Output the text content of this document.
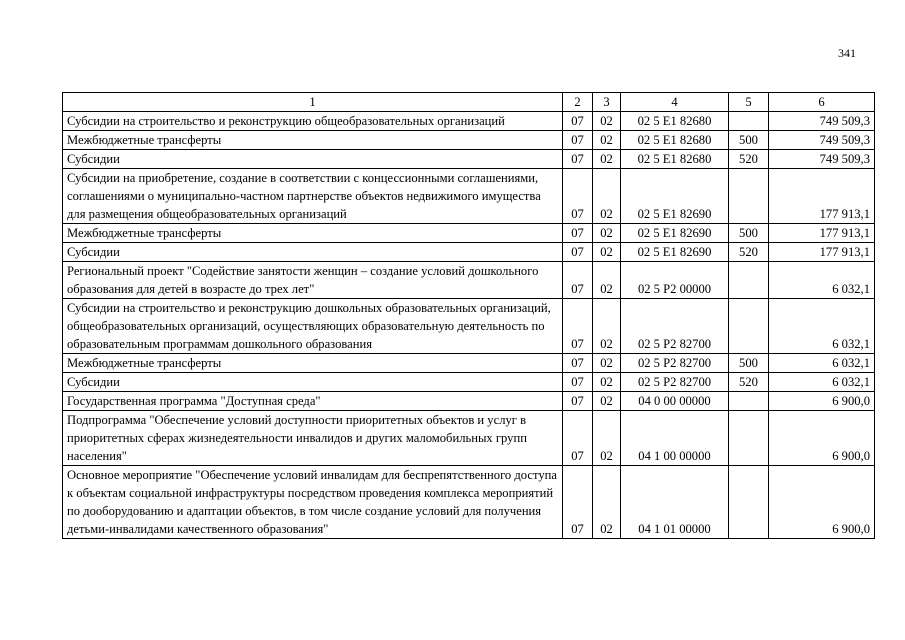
341
1	2	3	4	5	6
Субсидии на строительство и реконструкцию общеобразовательных организаций	07	02	02 5 E1 82680		749 509,3
Межбюджетные трансферты	07	02	02 5 E1 82680	500	749 509,3
Субсидии	07	02	02 5 E1 82680	520	749 509,3
Субсидии на приобретение, создание в соответствии с концессионными соглашениями, соглашениями о муниципально-частном партнерстве объектов недвижимого имущества для размещения общеобразовательных организаций	07	02	02 5 E1 82690		177 913,1
Межбюджетные трансферты	07	02	02 5 E1 82690	500	177 913,1
Субсидии	07	02	02 5 E1 82690	520	177 913,1
Региональный проект "Содействие занятости женщин – создание условий дошкольного образования для детей в возрасте до трех лет"	07	02	02 5 P2 00000		6 032,1
Субсидии на строительство и реконструкцию дошкольных образовательных организаций, общеобразовательных организаций, осуществляющих образовательную деятельность по образовательным программам дошкольного образования	07	02	02 5 P2 82700		6 032,1
Межбюджетные трансферты	07	02	02 5 P2 82700	500	6 032,1
Субсидии	07	02	02 5 P2 82700	520	6 032,1
Государственная программа "Доступная среда"	07	02	04 0 00 00000		6 900,0
Подпрограмма "Обеспечение условий доступности приоритетных объектов и услуг в приоритетных сферах жизнедеятельности инвалидов и других маломобильных групп населения"	07	02	04 1 00 00000		6 900,0
Основное мероприятие "Обеспечение условий инвалидам для беспрепятственного доступа к объектам социальной инфраструктуры посредством проведения комплекса мероприятий по дооборудованию и адаптации объектов, в том числе создание условий для получения детьми-инвалидами качественного образования"	07	02	04 1 01 00000		6 900,0
